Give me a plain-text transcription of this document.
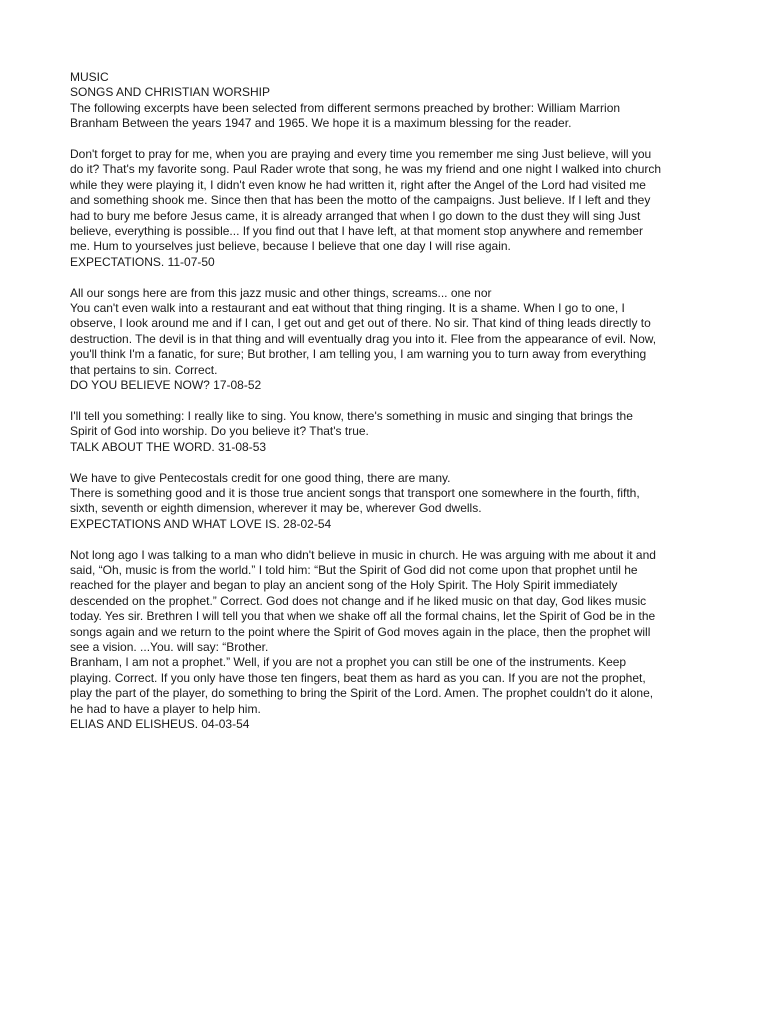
MUSIC
SONGS AND CHRISTIAN WORSHIP
The following excerpts have been selected from different sermons preached by brother: William Marrion
Branham Between the years 1947 and 1965. We hope it is a maximum blessing for the reader.
Don't forget to pray for me, when you are praying and every time you remember me sing Just believe, will you
do it? That's my favorite song. Paul Rader wrote that song, he was my friend and one night I walked into church
while they were playing it, I didn't even know he had written it, right after the Angel of the Lord had visited me
and something shook me. Since then that has been the motto of the campaigns. Just believe. If I left and they
had to bury me before Jesus came, it is already arranged that when I go down to the dust they will sing Just
believe, everything is possible... If you find out that I have left, at that moment stop anywhere and remember
me. Hum to yourselves just believe, because I believe that one day I will rise again.
EXPECTATIONS. 11-07-50
All our songs here are from this jazz music and other things, screams... one nor
You can't even walk into a restaurant and eat without that thing ringing. It is a shame. When I go to one, I
observe, I look around me and if I can, I get out and get out of there. No sir. That kind of thing leads directly to
destruction. The devil is in that thing and will eventually drag you into it. Flee from the appearance of evil. Now,
you'll think I'm a fanatic, for sure; But brother, I am telling you, I am warning you to turn away from everything
that pertains to sin. Correct.
DO YOU BELIEVE NOW? 17-08-52
I'll tell you something: I really like to sing. You know, there's something in music and singing that brings the
Spirit of God into worship. Do you believe it? That's true.
TALK ABOUT THE WORD. 31-08-53
We have to give Pentecostals credit for one good thing, there are many.
There is something good and it is those true ancient songs that transport one somewhere in the fourth, fifth,
sixth, seventh or eighth dimension, wherever it may be, wherever God dwells.
EXPECTATIONS AND WHAT LOVE IS. 28-02-54
Not long ago I was talking to a man who didn't believe in music in church. He was arguing with me about it and
said, “Oh, music is from the world.” I told him: “But the Spirit of God did not come upon that prophet until he
reached for the player and began to play an ancient song of the Holy Spirit. The Holy Spirit immediately
descended on the prophet.” Correct. God does not change and if he liked music on that day, God likes music
today. Yes sir. Brethren I will tell you that when we shake off all the formal chains, let the Spirit of God be in the
songs again and we return to the point where the Spirit of God moves again in the place, then the prophet will
see a vision. ...You. will say: “Brother.
Branham, I am not a prophet.” Well, if you are not a prophet you can still be one of the instruments. Keep
playing. Correct. If you only have those ten fingers, beat them as hard as you can. If you are not the prophet,
play the part of the player, do something to bring the Spirit of the Lord. Amen. The prophet couldn't do it alone,
he had to have a player to help him.
ELIAS AND ELISHEUS. 04-03-54
